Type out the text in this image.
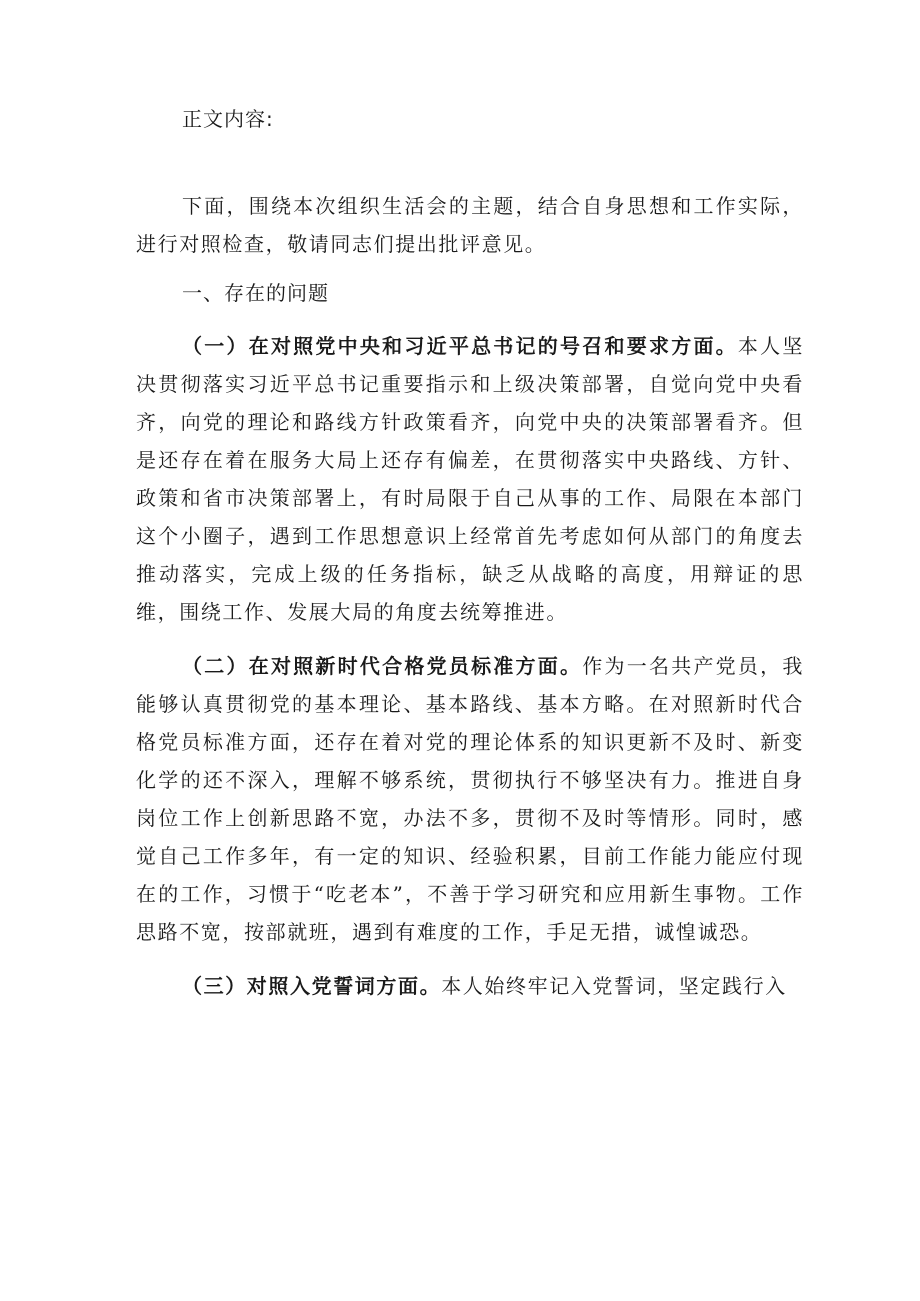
正文内容:

下面，围绕本次组织生活会的主题，结合自身思想和工作实际，进行对照检查，敬请同志们提出批评意见。

一、存在的问题

（一）在对照党中央和习近平总书记的号召和要求方面。本人坚决贯彻落实习近平总书记重要指示和上级决策部署，自觉向党中央看齐，向党的理论和路线方针政策看齐，向党中央的决策部署看齐。但是还存在着在服务大局上还存有偏差，在贯彻落实中央路线、方针、政策和省市决策部署上，有时局限于自己从事的工作、局限在本部门这个小圈子，遇到工作思想意识上经常首先考虑如何从部门的角度去推动落实，完成上级的任务指标，缺乏从战略的高度，用辩证的思维，围绕工作、发展大局的角度去统筹推进。

（二）在对照新时代合格党员标准方面。作为一名共产党员，我能够认真贯彻党的基本理论、基本路线、基本方略。在对照新时代合格党员标准方面，还存在着对党的理论体系的知识更新不及时、新变化学的还不深入，理解不够系统，贯彻执行不够坚决有力。推进自身岗位工作上创新思路不宽，办法不多，贯彻不及时等情形。同时，感觉自己工作多年，有一定的知识、经验积累，目前工作能力能应付现在的工作，习惯于“吃老本”，不善于学习研究和应用新生事物。工作思路不宽，按部就班，遇到有难度的工作，手足无措，诚惶诚恐。

（三）对照入党誓词方面。本人始终牢记入党誓词，坚定践行入
